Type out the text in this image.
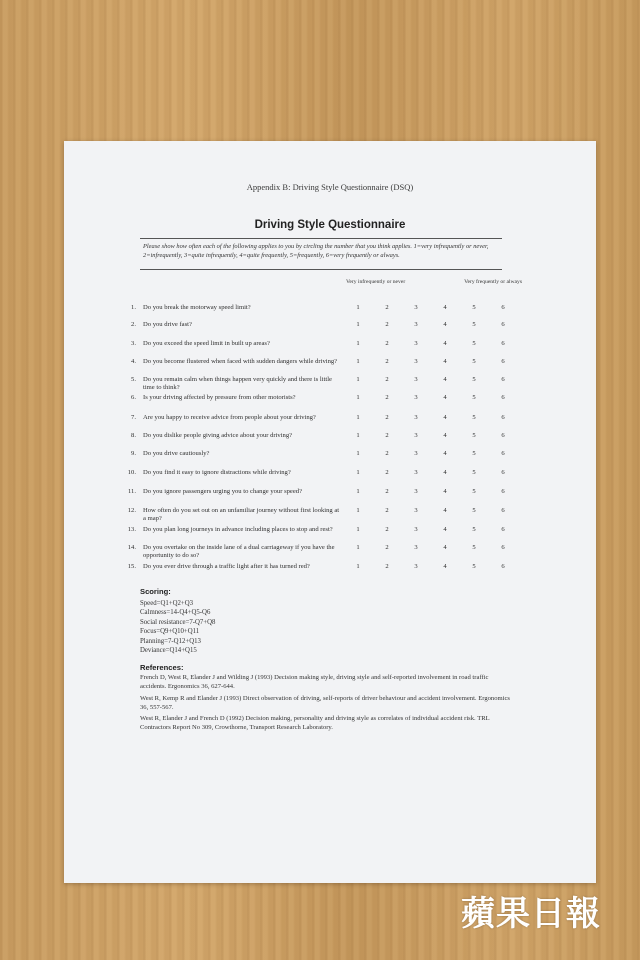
Appendix B: Driving Style Questionnaire (DSQ)
Driving Style Questionnaire
Please show how often each of the following applies to you by circling the number that you think applies. 1=very infrequently or never, 2=infrequently, 3=quite infrequently, 4=quite frequently, 5=frequently, 6=very frequently or always.
Very infrequently or never	Very frequently or always
1. Do you break the motorway speed limit?	1	2	3	4	5	6
2. Do you drive fast?	1	2	3	4	5	6
3. Do you exceed the speed limit in built up areas?	1	2	3	4	5	6
4. Do you become flustered when faced with sudden dangers while driving?	1	2	3	4	5	6
5. Do you remain calm when things happen very quickly and there is little time to think?
1	2	3	4	5	6
6. Is your driving affected by pressure from other motorists?	1	2	3	4	5	6
7. Are you happy to receive advice from people about your driving?	1	2	3	4	5	6
8. Do you dislike people giving advice about your driving?	1	2	3	4	5	6
9. Do you drive cautiously?	1	2	3	4	5	6
10. Do you find it easy to ignore distractions while driving?	1	2	3	4	5	6
11. Do you ignore passengers urging you to change your speed?	1	2	3	4	5	6
12. How often do you set out on an unfamiliar journey without first looking at a map?
1	2	3	4	5	6
13. Do you plan long journeys in advance including places to stop and rest?	1	2	3	4	5	6
14. Do you overtake on the inside lane of a dual carriageway if you have the opportunity to do so?
1	2	3	4	5	6
15. Do you ever drive through a traffic light after it has turned red?	1	2	3	4	5	6
Scoring:
Speed=Q1+Q2+Q3
Calmness=14-Q4+Q5-Q6
Social resistance=7-Q7+Q8
Focus=Q9+Q10+Q11
Planning=7-Q12+Q13
Deviance=Q14+Q15
References:
French D, West R, Elander J and Wilding J (1993) Decision making style, driving style and self-reported involvement in road traffic accidents. Ergonomics 36, 627-644.
West R, Kemp R and Elander J (1993) Direct observation of driving, self-reports of driver behaviour and accident involvement. Ergonomics 36, 557-567.
West R, Elander J and French D (1992) Decision making, personality and driving style as correlates of individual accident risk. TRL Contractors Report No 309, Crowthorne, Transport Research Laboratory.
蘋果日報
